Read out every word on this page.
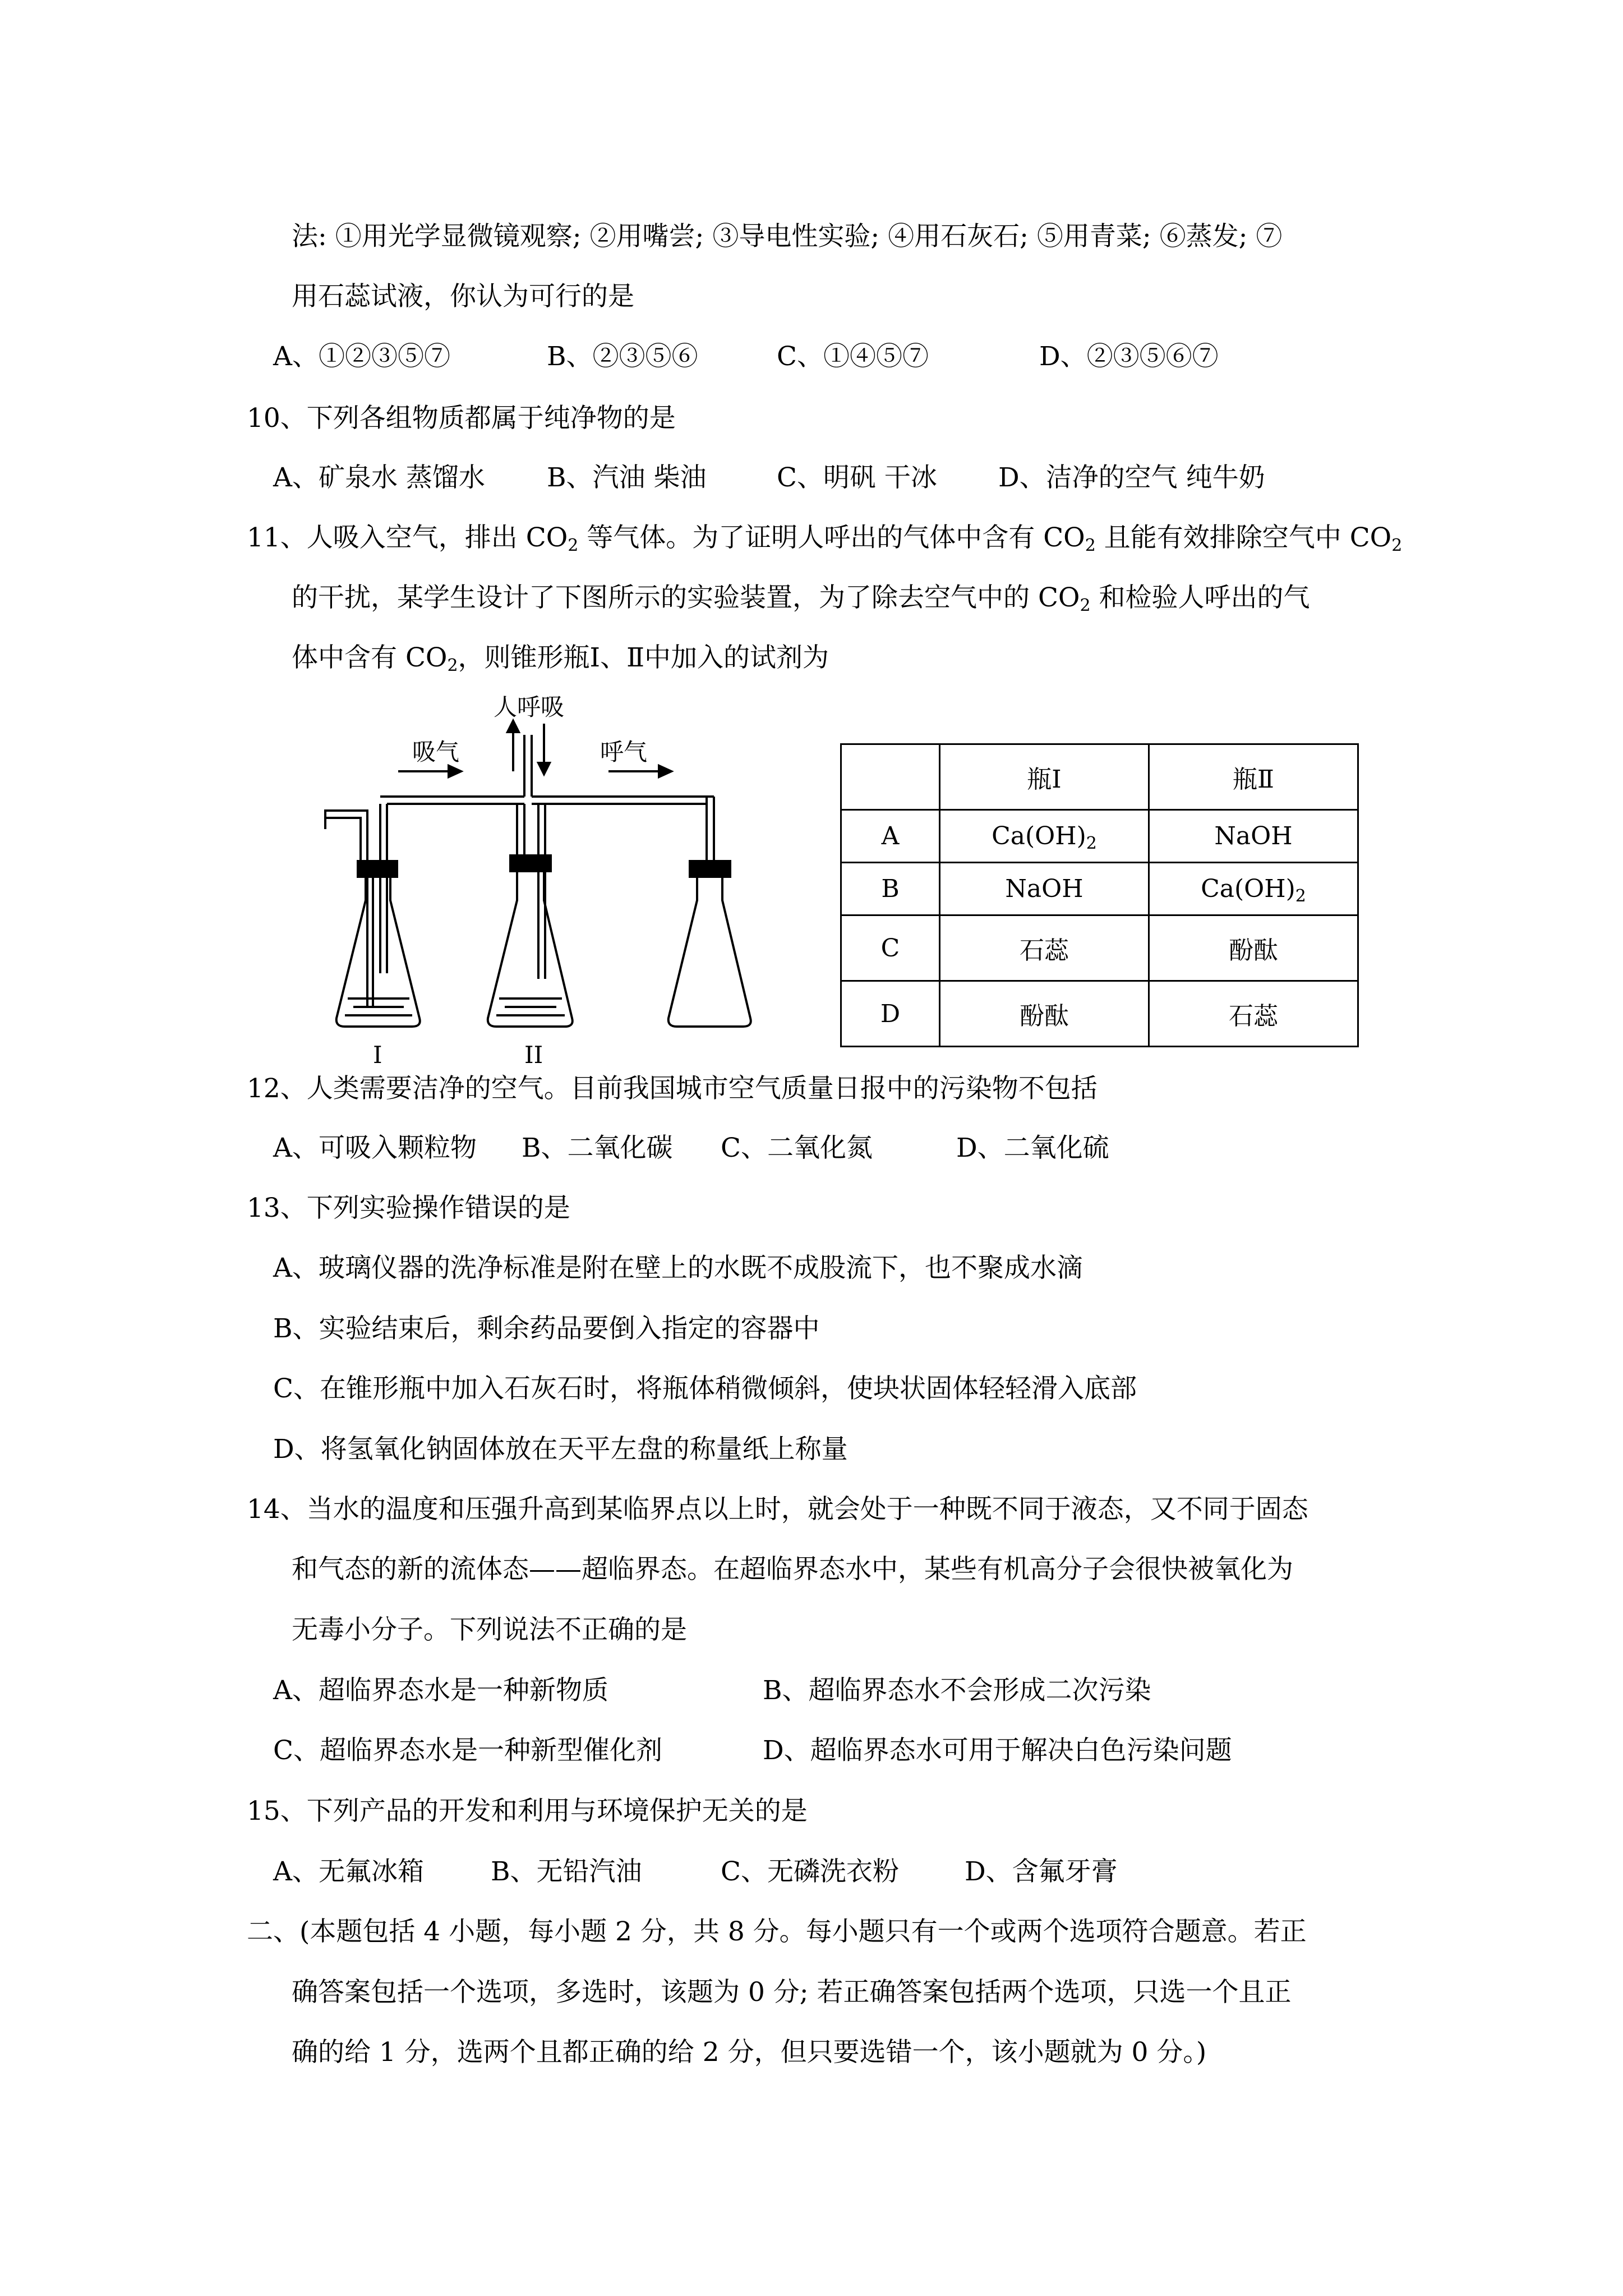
法: ①用光学显微镜观察; ②用嘴尝; ③导电性实验; ④用石灰石; ⑤用青菜; ⑥蒸发; ⑦
用石蕊试液，你认为可行的是
A、①②③⑤⑦	B、②③⑤⑥	C、①④⑤⑦	D、②③⑤⑥⑦
10、下列各组物质都属于纯净物的是
A、矿泉水 蒸馏水 B、汽油 柴油	C、明矾 干冰 D、洁净的空气 纯牛奶
11、人吸入空气，排出 $CO_2$ 等气体。为了证明人呼出的气体中含有 $CO_2$ 且能有效排除空气中 $CO_2$
的干扰，某学生设计了下图所示的实验装置，为了除去空气中的 $CO_2$ 和检验人呼出的气
体中含有 $CO_2$，则锥形瓶Ⅰ、Ⅱ中加入的试剂为
人呼吸
吸气	呼气
I	II
	瓶Ⅰ	瓶Ⅱ
A	$Ca(OH)_2$	NaOH
B	NaOH	$Ca(OH)_2$
C	石蕊	酚酞
D	酚酞	石蕊
12、人类需要洁净的空气。目前我国城市空气质量日报中的污染物不包括
A、可吸入颗粒物 B、二氧化碳 C、二氧化氮	D、二氧化硫
13、下列实验操作错误的是
A、玻璃仪器的洗净标准是附在壁上的水既不成股流下，也不聚成水滴
B、实验结束后，剩余药品要倒入指定的容器中
C、在锥形瓶中加入石灰石时，将瓶体稍微倾斜，使块状固体轻轻滑入底部
D、将氢氧化钠固体放在天平左盘的称量纸上称量
14、当水的温度和压强升高到某临界点以上时，就会处于一种既不同于液态，又不同于固态
和气态的新的流体态——超临界态。在超临界态水中，某些有机高分子会很快被氧化为
无毒小分子。下列说法不正确的是
A、超临界态水是一种新物质	B、超临界态水不会形成二次污染
C、超临界态水是一种新型催化剂	D、超临界态水可用于解决白色污染问题
15、下列产品的开发和利用与环境保护无关的是
A、无氟冰箱	B、无铅汽油	C、无磷洗衣粉 D、含氟牙膏
二、(本题包括 4 小题，每小题 2 分，共 8 分。每小题只有一个或两个选项符合题意。若正
确答案包括一个选项，多选时，该题为 0 分; 若正确答案包括两个选项，只选一个且正
确的给 1 分，选两个且都正确的给 2 分，但只要选错一个，该小题就为 0 分。)
